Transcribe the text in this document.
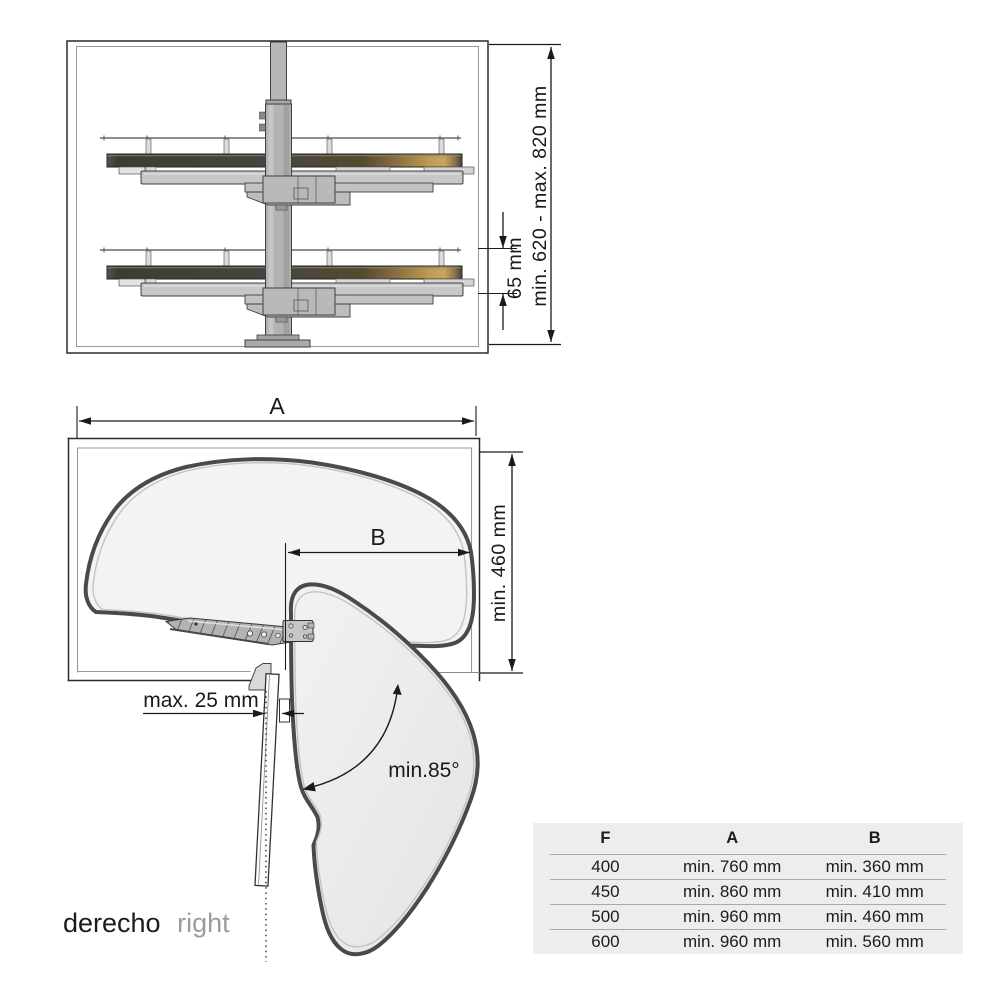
min. 620 - max. 820 mm
65 mm
A
B	min. 460 mm
max. 25 mm
min.85°
derecho right
F	A	B
400	min. 760 mm	min. 360 mm
450	min. 860 mm	min. 410 mm
500	min. 960 mm	min. 460 mm
600	min. 960 mm	min. 560 mm
